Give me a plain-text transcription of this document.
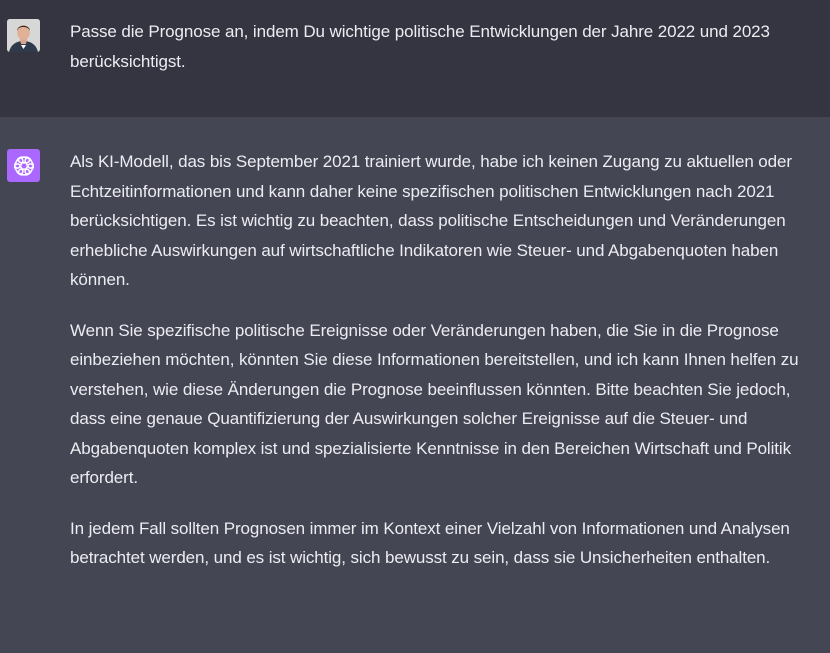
Passe die Prognose an, indem Du wichtige politische Entwicklungen der Jahre 2022 und 2023 berücksichtigst.

Als KI-Modell, das bis September 2021 trainiert wurde, habe ich keinen Zugang zu aktuellen oder Echtzeitinformationen und kann daher keine spezifischen politischen Entwicklungen nach 2021 berücksichtigen. Es ist wichtig zu beachten, dass politische Entscheidungen und Veränderungen erhebliche Auswirkungen auf wirtschaftliche Indikatoren wie Steuer- und Abgabenquoten haben können.

Wenn Sie spezifische politische Ereignisse oder Veränderungen haben, die Sie in die Prognose einbeziehen möchten, könnten Sie diese Informationen bereitstellen, und ich kann Ihnen helfen zu verstehen, wie diese Änderungen die Prognose beeinflussen könnten. Bitte beachten Sie jedoch, dass eine genaue Quantifizierung der Auswirkungen solcher Ereignisse auf die Steuer- und Abgabenquoten komplex ist und spezialisierte Kenntnisse in den Bereichen Wirtschaft und Politik erfordert.

In jedem Fall sollten Prognosen immer im Kontext einer Vielzahl von Informationen und Analysen betrachtet werden, und es ist wichtig, sich bewusst zu sein, dass sie Unsicherheiten enthalten.
